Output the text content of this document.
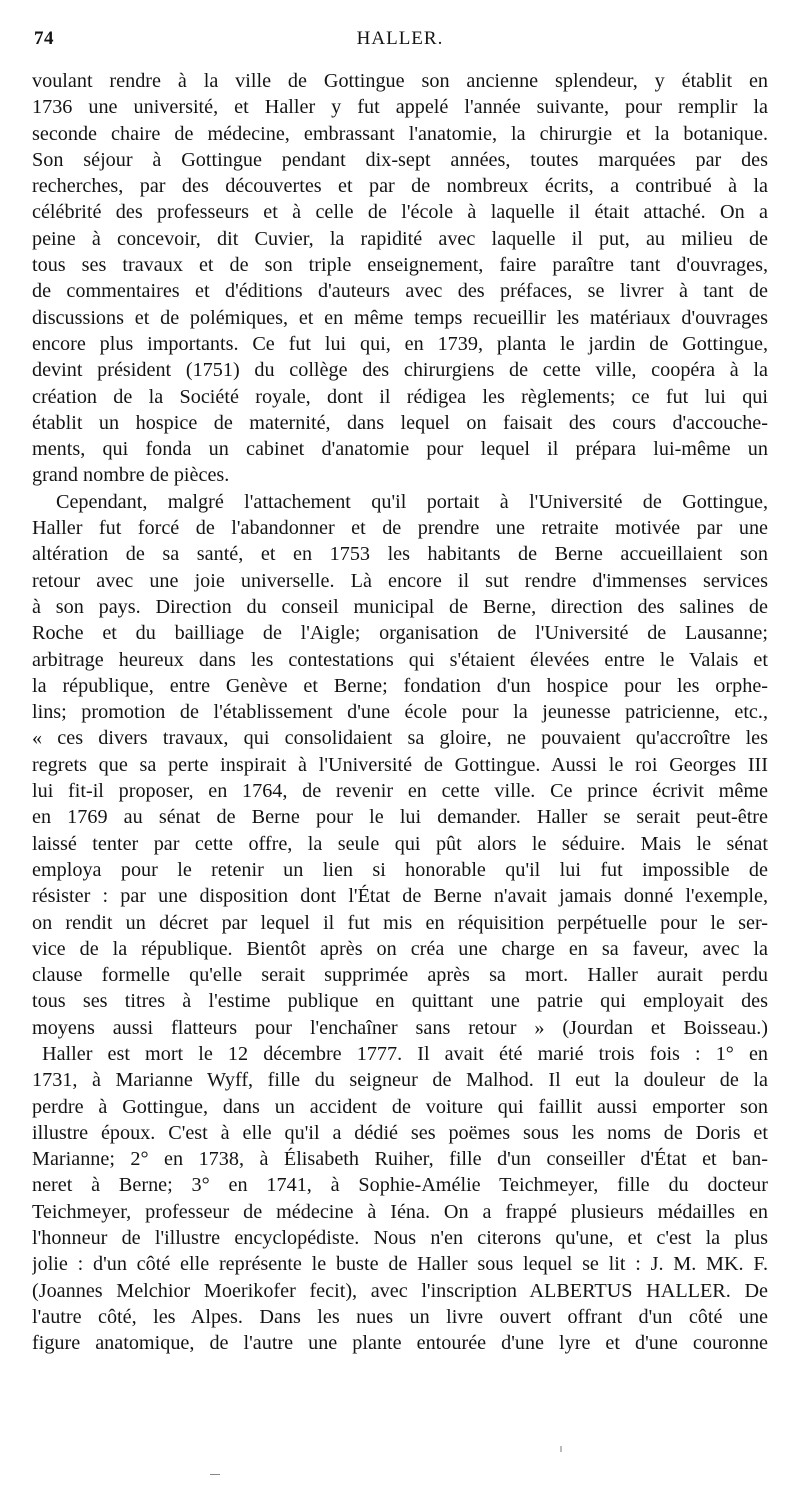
74	HALLER.
voulant rendre à la ville de Gottingue son ancienne splendeur, y établit en
1736 une université, et Haller y fut appelé l'année suivante, pour remplir la
seconde chaire de médecine, embrassant l'anatomie, la chirurgie et la botanique.
Son séjour à Gottingue pendant dix-sept années, toutes marquées par des
recherches, par des découvertes et par de nombreux écrits, a contribué à la
célébrité des professeurs et à celle de l'école à laquelle il était attaché. On a
peine à concevoir, dit Cuvier, la rapidité avec laquelle il put, au milieu de
tous ses travaux et de son triple enseignement, faire paraître tant d'ouvrages,
de commentaires et d'éditions d'auteurs avec des préfaces, se livrer à tant de
discussions et de polémiques, et en même temps recueillir les matériaux d'ouvrages
encore plus importants. Ce fut lui qui, en 1739, planta le jardin de Gottingue,
devint président (1751) du collège des chirurgiens de cette ville, coopéra à la
création de la Société royale, dont il rédigea les règlements; ce fut lui qui
établit un hospice de maternité, dans lequel on faisait des cours d'accouche-
ments, qui fonda un cabinet d'anatomie pour lequel il prépara lui-même un
grand nombre de pièces.
Cependant, malgré l'attachement qu'il portait à l'Université de Gottingue,
Haller fut forcé de l'abandonner et de prendre une retraite motivée par une
altération de sa santé, et en 1753 les habitants de Berne accueillaient son
retour avec une joie universelle. Là encore il sut rendre d'immenses services
à son pays. Direction du conseil municipal de Berne, direction des salines de
Roche et du bailliage de l'Aigle; organisation de l'Université de Lausanne;
arbitrage heureux dans les contestations qui s'étaient élevées entre le Valais et
la république, entre Genève et Berne; fondation d'un hospice pour les orphe-
lins; promotion de l'établissement d'une école pour la jeunesse patricienne, etc.,
« ces divers travaux, qui consolidaient sa gloire, ne pouvaient qu'accroître les
regrets que sa perte inspirait à l'Université de Gottingue. Aussi le roi Georges III
lui fit-il proposer, en 1764, de revenir en cette ville. Ce prince écrivit même
en 1769 au sénat de Berne pour le lui demander. Haller se serait peut-être
laissé tenter par cette offre, la seule qui pût alors le séduire. Mais le sénat
employa pour le retenir un lien si honorable qu'il lui fut impossible de
résister : par une disposition dont l'État de Berne n'avait jamais donné l'exemple,
on rendit un décret par lequel il fut mis en réquisition perpétuelle pour le ser-
vice de la république. Bientôt après on créa une charge en sa faveur, avec la
clause formelle qu'elle serait supprimée après sa mort. Haller aurait perdu
tous ses titres à l'estime publique en quittant une patrie qui employait des
moyens aussi flatteurs pour l'enchaîner sans retour » (Jourdan et Boisseau.)
Haller est mort le 12 décembre 1777. Il avait été marié trois fois : 1° en
1731, à Marianne Wyff, fille du seigneur de Malhod. Il eut la douleur de la
perdre à Gottingue, dans un accident de voiture qui faillit aussi emporter son
illustre époux. C'est à elle qu'il a dédié ses poëmes sous les noms de Doris et
Marianne; 2° en 1738, à Élisabeth Ruiher, fille d'un conseiller d'État et ban-
neret à Berne; 3° en 1741, à Sophie-Amélie Teichmeyer, fille du docteur
Teichmeyer, professeur de médecine à Iéna. On a frappé plusieurs médailles en
l'honneur de l'illustre encyclopédiste. Nous n'en citerons qu'une, et c'est la plus
jolie : d'un côté elle représente le buste de Haller sous lequel se lit : J. M. MK. F.
(Joannes Melchior Moerikofer fecit), avec l'inscription ALBERTUS HALLER. De
l'autre côté, les Alpes. Dans les nues un livre ouvert offrant d'un côté une
figure anatomique, de l'autre une plante entourée d'une lyre et d'une couronne
